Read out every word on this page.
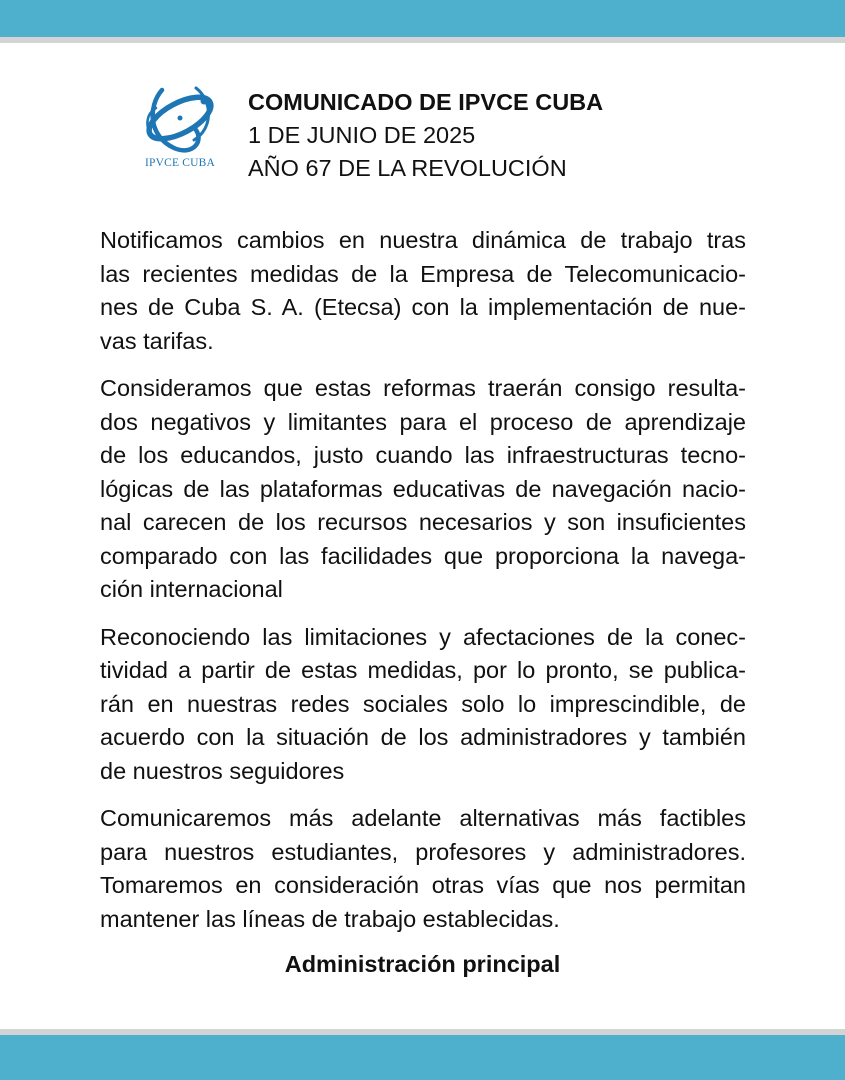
IPVCE CUBA
COMUNICADO DE IPVCE CUBA
1 DE JUNIO DE 2025
AÑO 67 DE LA REVOLUCIÓN
Notificamos cambios en nuestra dinámica de trabajo tras
las recientes medidas de la Empresa de Telecomunicacio-
nes de Cuba S. A. (Etecsa) con la implementación de nue-
vas tarifas.
Consideramos que estas reformas traerán consigo resulta-
dos negativos y limitantes para el proceso de aprendizaje
de los educandos, justo cuando las infraestructuras tecno-
lógicas de las plataformas educativas de navegación nacio-
nal carecen de los recursos necesarios y son insuficientes
comparado con las facilidades que proporciona la navega-
ción internacional
Reconociendo las limitaciones y afectaciones de la conec-
tividad a partir de estas medidas, por lo pronto, se publica-
rán en nuestras redes sociales solo lo imprescindible, de
acuerdo con la situación de los administradores y también
de nuestros seguidores
Comunicaremos más adelante alternativas más factibles
para nuestros estudiantes, profesores y administradores.
Tomaremos en consideración otras vías que nos permitan
mantener las líneas de trabajo establecidas.
Administración principal
